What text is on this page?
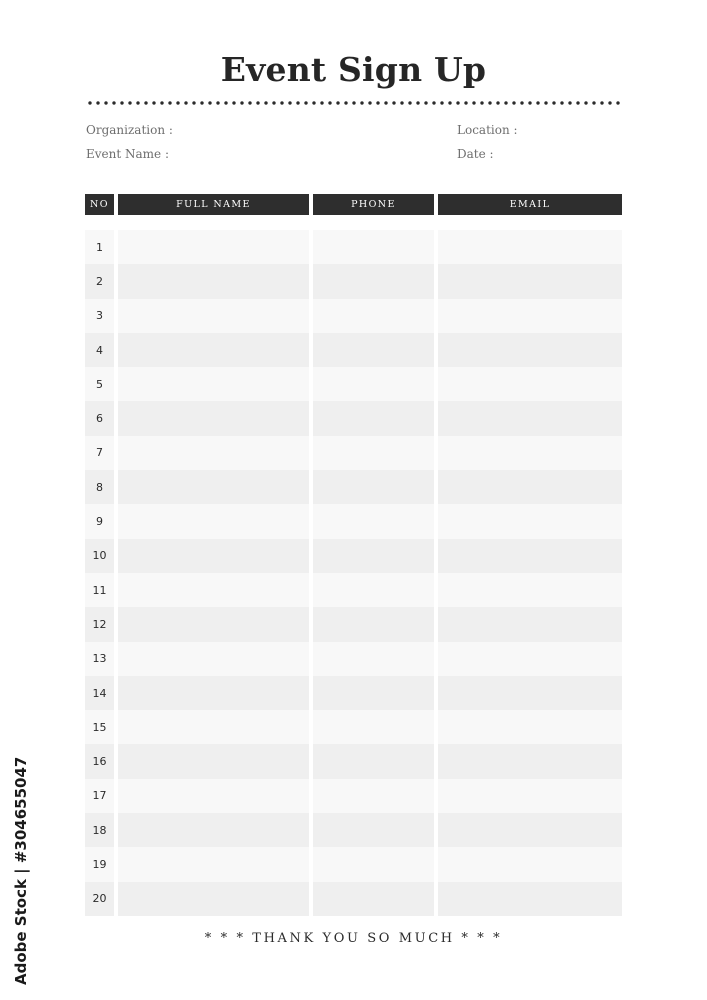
Event Sign Up
Organization :
Event Name :
Location :
Date :
NO	FULL NAME	PHONE	EMAIL
1
2
3
4
5
6
7
8
9
10
11
12
13
14
15
16
17
18
19
20
* * * THANK YOU SO MUCH * * *
Adobe Stock | #304655047
